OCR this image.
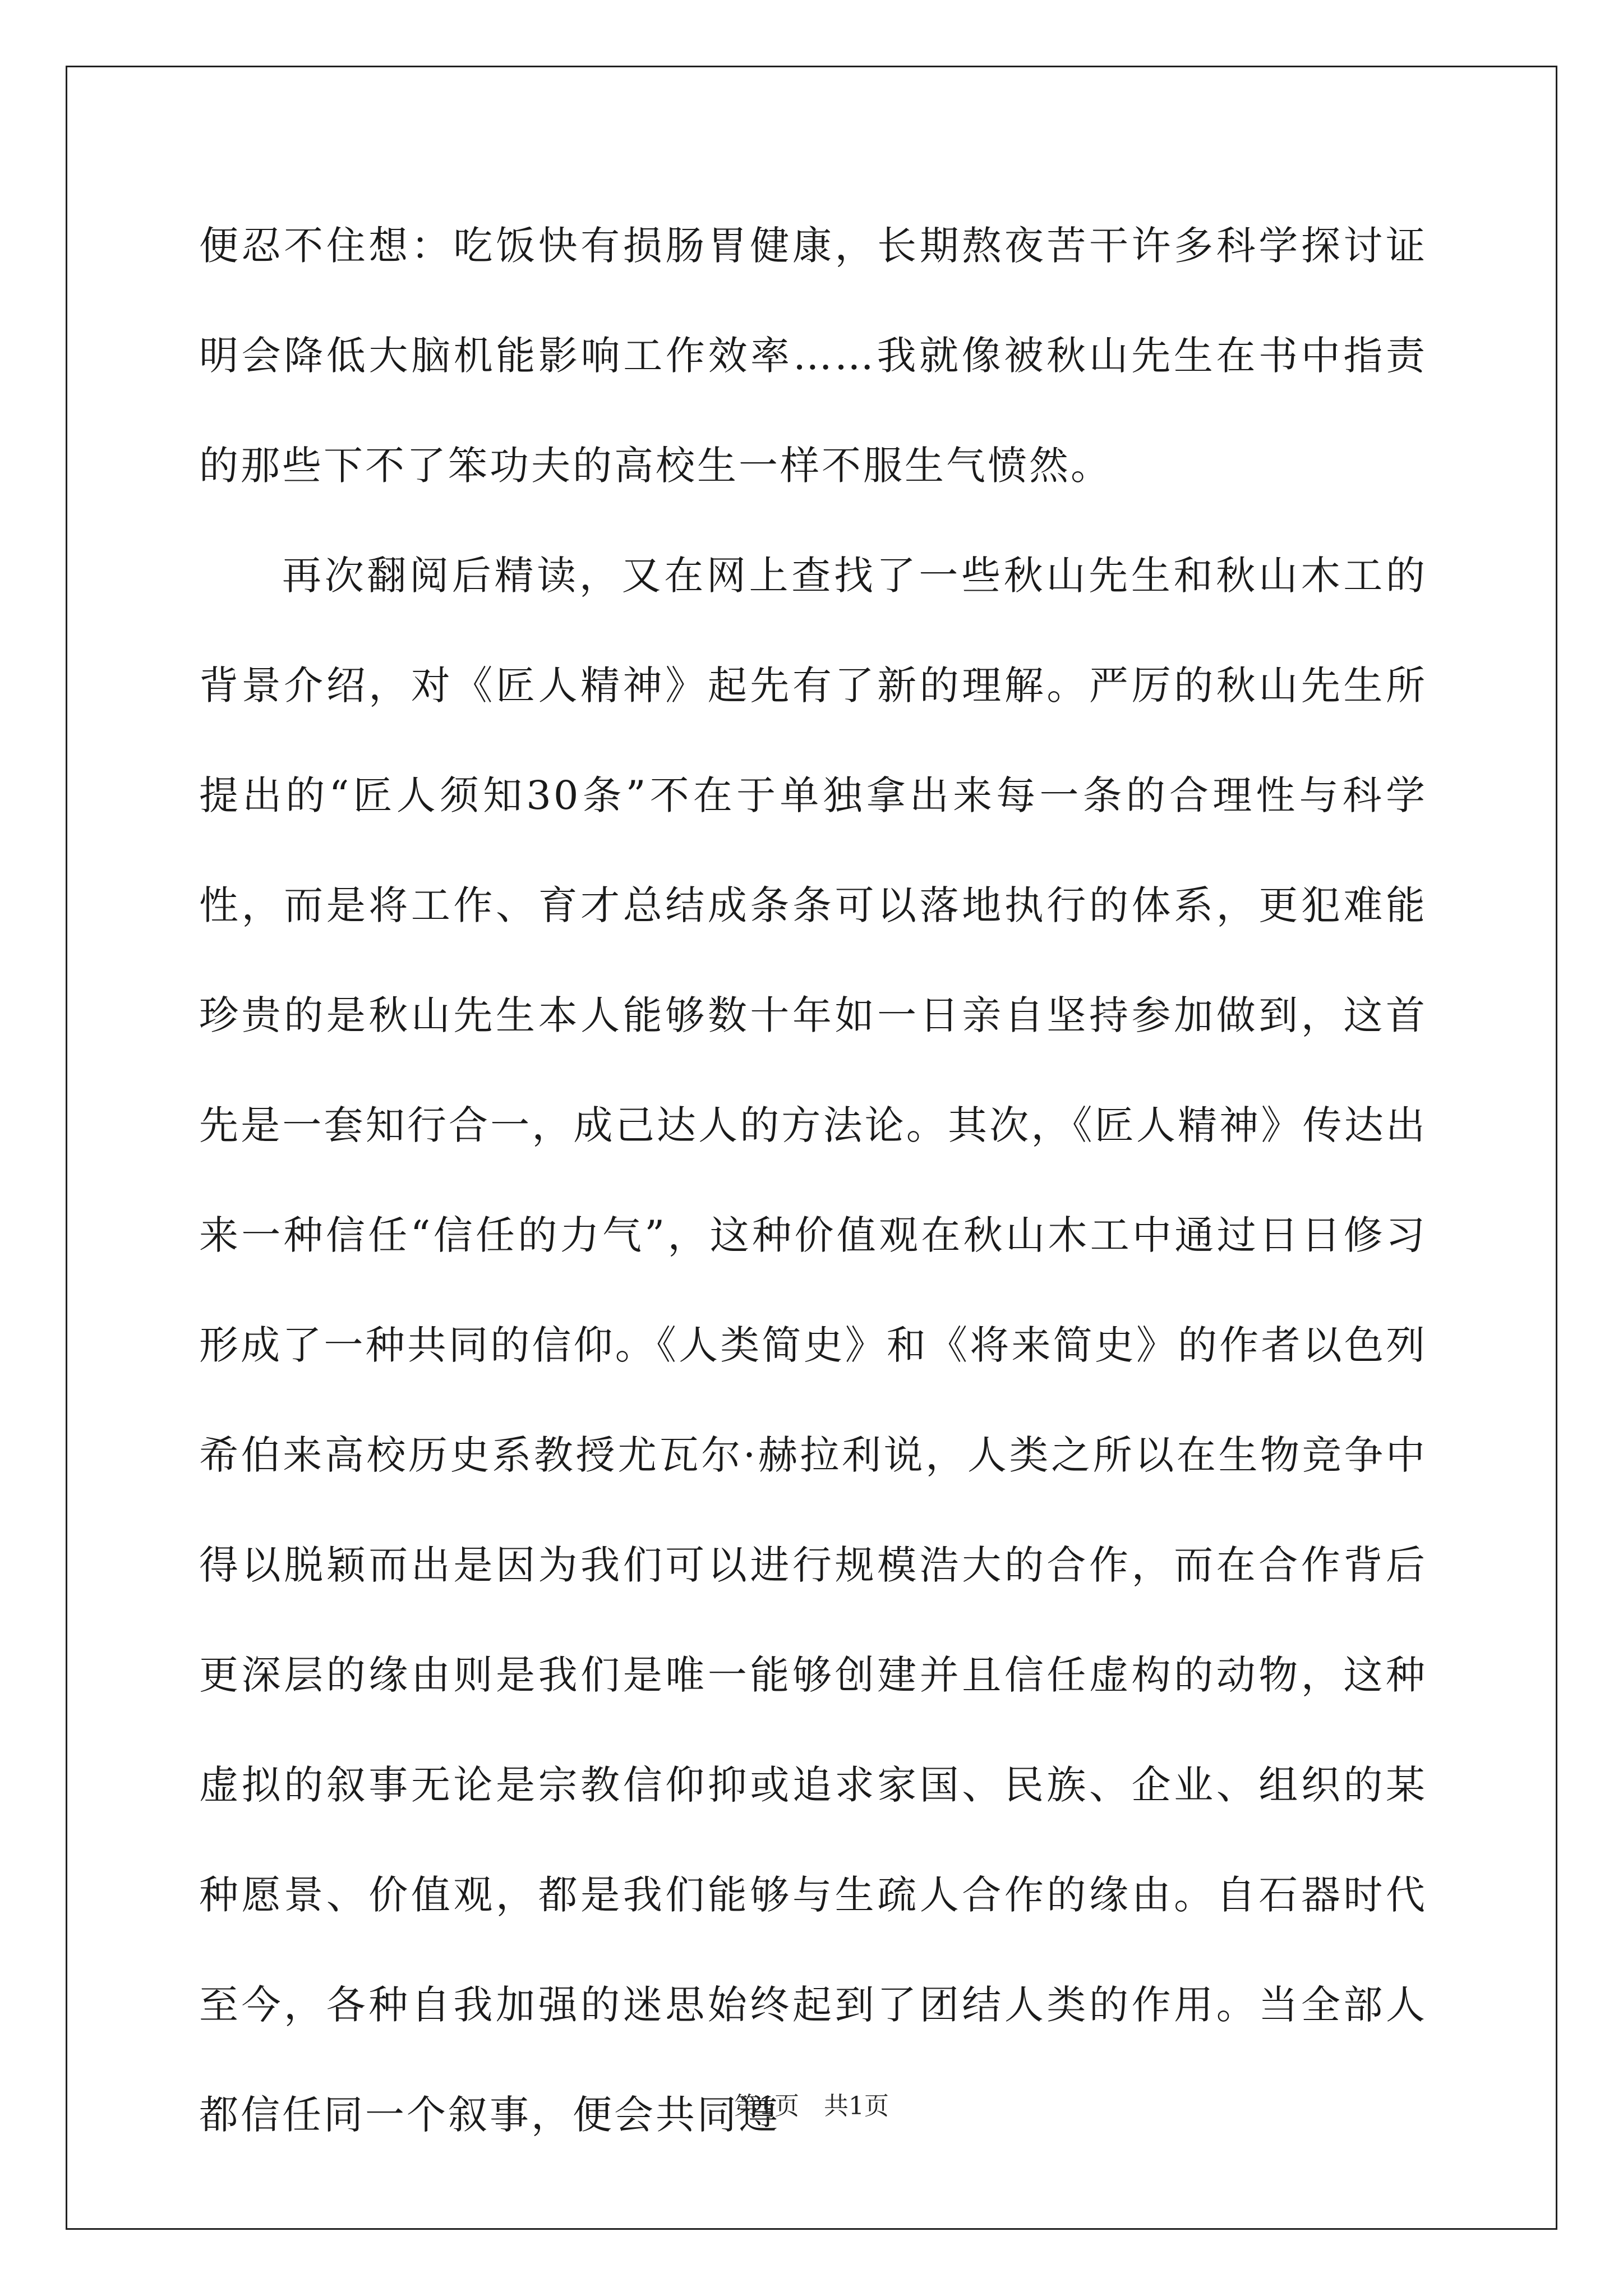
便忍不住想：吃饭快有损肠胃健康，长期熬夜苦干许多科学探讨证明会降低大脑机能影响工作效率……我就像被秋山先生在书中指责的那些下不了笨功夫的高校生一样不服生气愤然。

再次翻阅后精读，又在网上查找了一些秋山先生和秋山木工的背景介绍，对《匠人精神》起先有了新的理解。严厉的秋山先生所提出的“匠人须知30条”不在于单独拿出来每一条的合理性与科学性，而是将工作、育才总结成条条可以落地执行的体系，更犯难能珍贵的是秋山先生本人能够数十年如一日亲自坚持参加做到，这首先是一套知行合一，成己达人的方法论。其次，《匠人精神》传达出来一种信任“信任的力气”，这种价值观在秋山木工中通过日日修习形成了一种共同的信仰。《人类简史》和《将来简史》的作者以色列希伯来高校历史系教授尤瓦尔·赫拉利说，人类之所以在生物竞争中得以脱颖而出是因为我们可以进行规模浩大的合作，而在合作背后更深层的缘由则是我们是唯一能够创建并且信任虚构的动物，这种虚拟的叙事无论是宗教信仰抑或追求家国、民族、企业、组织的某种愿景、价值观，都是我们能够与生疏人合作的缘由。自石器时代至今，各种自我加强的迷思始终起到了团结人类的作用。当全部人都信任同一个叙事，便会共同遵

第1页　共1页
